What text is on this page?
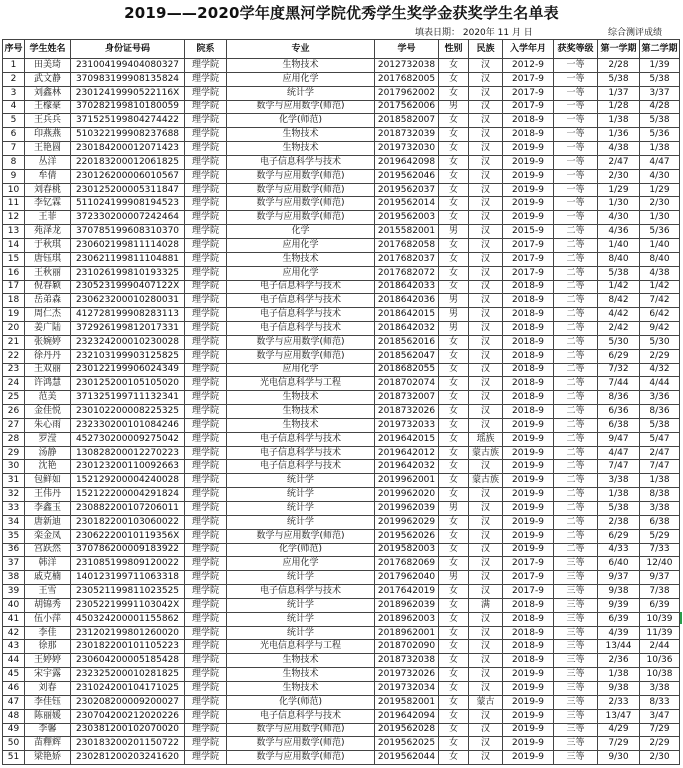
2019——2020学年度黑河学院优秀学生奖学金获奖学生名单表
填表日期： 2020年 11 月 日	综合测评成绩
序号	学生姓名	身份证号码	院系	专业	学号	性别	民族	入学年月	获奖等级	第一学期	第二学期
1	田美琦	231004199404080327	理学院	生物技术	2012732038	女	汉	2012-9	一等	2/28	1/39
2	武文静	370983199908135824	理学院	应用化学	2017682005	女	汉	2017-9	一等	5/38	5/38
3	刘鑫林	23012419990522116X	理学院	统计学	2017962002	女	汉	2017-9	一等	1/37	3/37
4	王檬豪	370282199810180059	理学院	数学与应用数学(师范)	2017562006	男	汉	2017-9	一等	1/28	4/28
5	王兵兵	371525199804274422	理学院	化学(师范)	2018582007	女	汉	2018-9	一等	1/38	5/38
6	印燕燕	510322199908237688	理学院	生物技术	2018732039	女	汉	2018-9	一等	1/36	5/36
7	王艳圆	230184200012071423	理学院	生物技术	2019732030	女	汉	2019-9	一等	4/38	1/38
8	丛洋	220183200012061825	理学院	电子信息科学与技术	2019642098	女	汉	2019-9	一等	2/47	4/47
9	牟倩	230126200006010567	理学院	数学与应用数学(师范)	2019562046	女	汉	2019-9	一等	2/30	4/30
10	刘春桃	230125200005311847	理学院	数学与应用数学(师范)	2019562037	女	汉	2019-9	一等	1/29	1/29
11	李钇霖	511024199908194523	理学院	数学与应用数学(师范)	2019562014	女	汉	2019-9	一等	1/30	2/30
12	王菲	372330200007242464	理学院	数学与应用数学(师范)	2019562003	女	汉	2019-9	一等	4/30	1/30
13	苑泽龙	370785199608310370	理学院	化学	2015582001	男	汉	2015-9	二等	4/36	5/36
14	于秋琪	230602199811114028	理学院	应用化学	2017682058	女	汉	2017-9	二等	1/40	1/40
15	唐钰琪	230621199811104881	理学院	生物技术	2017682037	女	汉	2017-9	二等	8/40	8/40
16	王秋丽	231026199810193325	理学院	应用化学	2017682072	女	汉	2017-9	二等	5/38	4/38
17	倪春颖	23052319990407122X	理学院	电子信息科学与技术	2018642033	女	汉	2018-9	二等	1/42	1/42
18	岳弟森	230623200010280031	理学院	电子信息科学与技术	2018642036	男	汉	2018-9	二等	8/42	7/42
19	周仁杰	412728199908283113	理学院	电子信息科学与技术	2018642015	男	汉	2018-9	二等	4/42	6/42
20	姜广陆	372926199812017331	理学院	电子信息科学与技术	2018642032	男	汉	2018-9	二等	2/42	9/42
21	张婉婷	232324200010230028	理学院	数学与应用数学(师范)	2018562016	女	汉	2018-9	二等	5/30	5/30
22	徐丹丹	232103199903125825	理学院	数学与应用数学(师范)	2018562047	女	汉	2018-9	二等	6/29	2/29
23	王双丽	230122199906024349	理学院	应用化学	2018682055	女	汉	2018-9	二等	7/32	4/32
24	许鸿慧	230125200105105020	理学院	光电信息科学与工程	2018702074	女	汉	2018-9	二等	7/44	4/44
25	范美	371325199711132341	理学院	生物技术	2018732007	女	汉	2018-9	二等	8/36	3/36
26	金佳悦	230102200008225325	理学院	生物技术	2018732026	女	汉	2018-9	二等	6/36	8/36
27	朱心雨	232330200101084246	理学院	生物技术	2019732033	女	汉	2019-9	二等	6/38	5/38
28	罗滢	452730200009275042	理学院	电子信息科学与技术	2019642015	女	瑶族	2019-9	二等	9/47	5/47
29	汤静	130828200012270223	理学院	电子信息科学与技术	2019642012	女	蒙古族	2019-9	二等	4/47	2/47
30	沈艳	230123200110092663	理学院	电子信息科学与技术	2019642032	女	汉	2019-9	二等	7/47	7/47
31	包鲜如	152129200004240028	理学院	统计学	2019962001	女	蒙古族	2019-9	二等	3/38	1/38
32	王伟丹	152122200004291824	理学院	统计学	2019962020	女	汉	2019-9	二等	1/38	8/38
33	李鑫玉	230882200107206011	理学院	统计学	2019962039	男	汉	2019-9	二等	5/38	3/38
34	唐新迪	230182200103060022	理学院	统计学	2019962029	女	汉	2019-9	二等	2/38	6/38
35	栾金凤	23062220010119356X	理学院	数学与应用数学(师范)	2019562026	女	汉	2019-9	二等	6/29	5/29
36	宫跃然	370786200009183922	理学院	化学(师范)	2019582003	女	汉	2019-9	二等	4/33	7/33
37	韩洋	231085199809120022	理学院	应用化学	2017682069	女	汉	2017-9	三等	6/40	12/40
38	戚克楠	140123199711063318	理学院	统计学	2017962040	男	汉	2017-9	三等	9/37	9/37
39	王雪	230521199811023525	理学院	电子信息科学与技术	2017642019	女	汉	2017-9	三等	9/38	7/38
40	胡锦秀	23052219991103042X	理学院	统计学	2018962039	女	满	2018-9	三等	9/39	6/39
41	伍小萍	450324200001155862	理学院	统计学	2018962003	女	汉	2018-9	三等	6/39	10/39
42	李佳	231202199801260020	理学院	统计学	2018962001	女	汉	2018-9	三等	4/39	11/39
43	徐那	230182200101105223	理学院	光电信息科学与工程	2018702090	女	汉	2018-9	三等	13/44	2/44
44	王婷婷	230604200005185428	理学院	生物技术	2018732038	女	汉	2018-9	三等	2/36	10/36
45	宋宇露	232325200010281825	理学院	生物技术	2019732026	女	汉	2019-9	三等	1/38	10/38
46	刘春	231024200104171025	理学院	生物技术	2019732034	女	汉	2019-9	三等	9/38	3/38
47	李佳钰	230208200009200027	理学院	化学(师范)	2019582001	女	蒙古	2019-9	三等	2/33	8/33
48	陈丽媛	230704200212020226	理学院	电子信息科学与技术	2019642094	女	汉	2019-9	三等	13/47	3/47
49	李馨	230381200102070020	理学院	数学与应用数学(师范)	2019562028	女	汉	2019-9	三等	4/29	7/29
50	苗釋辉	230183200201150722	理学院	数学与应用数学(师范)	2019562025	女	汉	2019-9	三等	7/29	2/29
51	梁艳娇	230281200203241620	理学院	数学与应用数学(师范)	2019562044	女	汉	2019-9	三等	9/30	2/30
